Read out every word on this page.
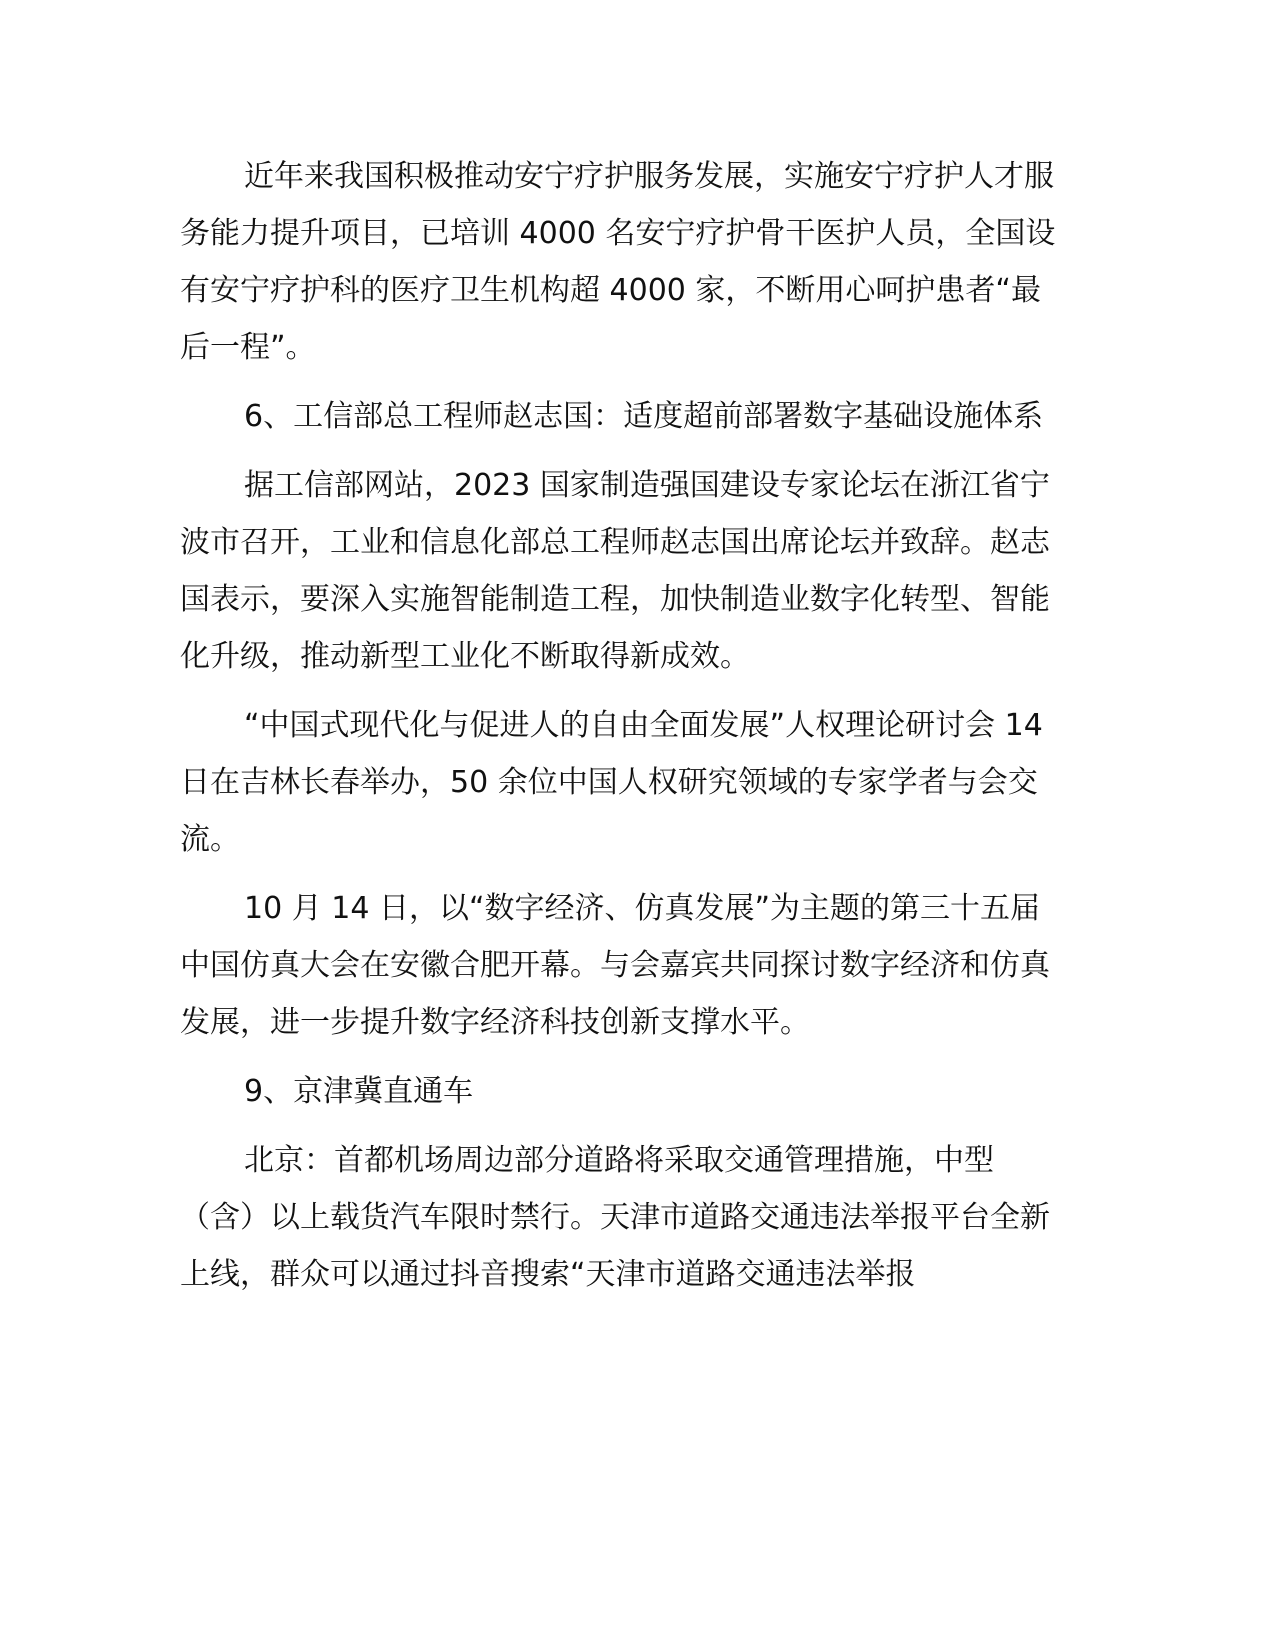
近年来我国积极推动安宁疗护服务发展，实施安宁疗护人才服务能力提升项目，已培训 4000 名安宁疗护骨干医护人员，全国设有安宁疗护科的医疗卫生机构超 4000 家，不断用心呵护患者“最后一程”。

6、工信部总工程师赵志国：适度超前部署数字基础设施体系

据工信部网站，2023 国家制造强国建设专家论坛在浙江省宁波市召开，工业和信息化部总工程师赵志国出席论坛并致辞。赵志国表示，要深入实施智能制造工程，加快制造业数字化转型、智能化升级，推动新型工业化不断取得新成效。

“中国式现代化与促进人的自由全面发展”人权理论研讨会 14 日在吉林长春举办，50 余位中国人权研究领域的专家学者与会交流。

10 月 14 日，以“数字经济、仿真发展”为主题的第三十五届中国仿真大会在安徽合肥开幕。与会嘉宾共同探讨数字经济和仿真发展，进一步提升数字经济科技创新支撑水平。

9、京津冀直通车

北京：首都机场周边部分道路将采取交通管理措施，中型（含）以上载货汽车限时禁行。天津市道路交通违法举报平台全新上线，群众可以通过抖音搜索“天津市道路交通违法举报
